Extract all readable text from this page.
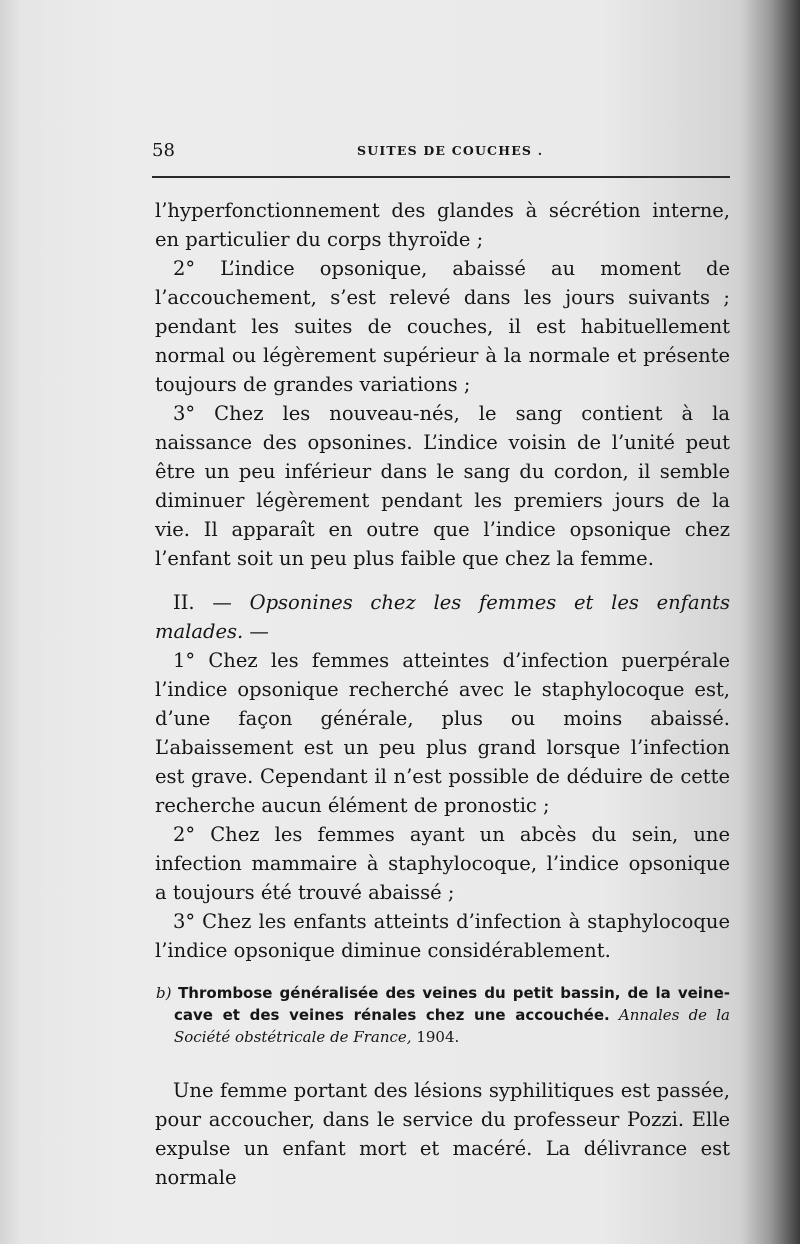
58	SUITES DE COUCHES .

l’hyperfonctionnement des glandes à sécrétion interne, en particulier du corps thyroïde ;

2° L’indice opsonique, abaissé au moment de l’accouchement, s’est relevé dans les jours suivants ; pendant les suites de couches, il est habituellement normal ou légèrement supérieur à la normale et présente toujours de grandes variations ;

3° Chez les nouveau-nés, le sang contient à la naissance des opsonines. L’indice voisin de l’unité peut être un peu inférieur dans le sang du cordon, il semble diminuer légèrement pendant les premiers jours de la vie. Il apparaît en outre que l’indice opsonique chez l’enfant soit un peu plus faible que chez la femme.

II. — Opsonines chez les femmes et les enfants malades. —

1° Chez les femmes atteintes d’infection puerpérale l’indice opsonique recherché avec le staphylocoque est, d’une façon générale, plus ou moins abaissé. L’abaissement est un peu plus grand lorsque l’infection est grave. Cependant il n’est possible de déduire de cette recherche aucun élément de pronostic ;

2° Chez les femmes ayant un abcès du sein, une infection mammaire à staphylocoque, l’indice opsonique a toujours été trouvé abaissé ;

3° Chez les enfants atteints d’infection à staphylocoque l’indice opsonique diminue considérablement.

b) Thrombose généralisée des veines du petit bassin, de la veine-cave et des veines rénales chez une accouchée. Annales de la Société obstétricale de France, 1904.

Une femme portant des lésions syphilitiques est passée, pour accoucher, dans le service du professeur Pozzi. Elle expulse un enfant mort et macéré. La délivrance est normale
